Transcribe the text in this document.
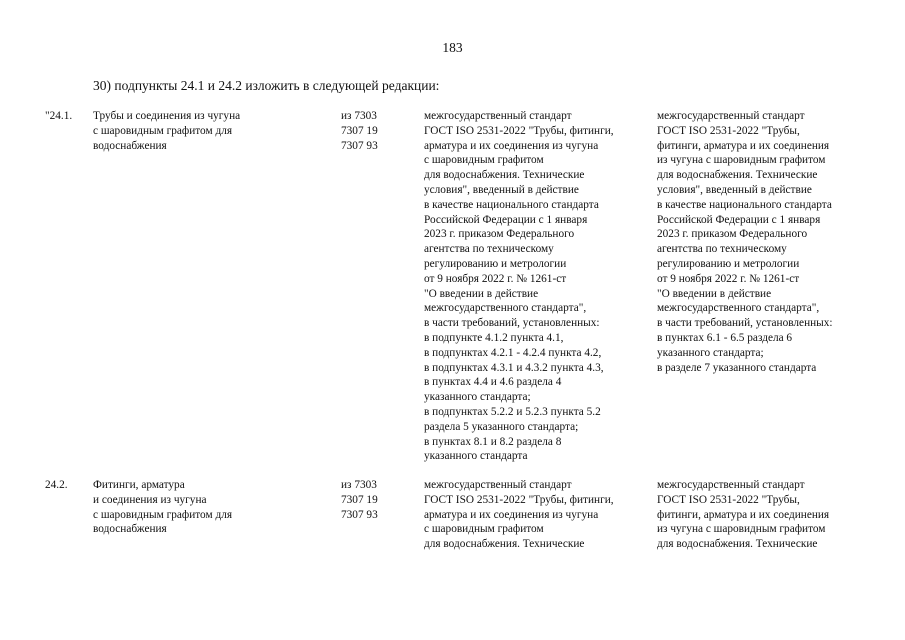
183
30) подпункты 24.1 и 24.2 изложить в следующей редакции:
"24.1. Трубы и соединения из чугуна
с шаровидным графитом для
водоснабжения
из 7303
7307 19
7307 93
межгосударственный стандарт
ГОСТ ISO 2531-2022 "Трубы, фитинги,
арматура и их соединения из чугуна
с шаровидным графитом
для водоснабжения. Технические
условия", введенный в действие
в качестве национального стандарта
Российской Федерации с 1 января
2023 г. приказом Федерального
агентства по техническому
регулированию и метрологии
от 9 ноября 2022 г. № 1261-ст
"О введении в действие
межгосударственного стандарта",
в части требований, установленных:
в подпункте 4.1.2 пункта 4.1,
в подпунктах 4.2.1 - 4.2.4 пункта 4.2,
в подпунктах 4.3.1 и 4.3.2 пункта 4.3,
в пунктах 4.4 и 4.6 раздела 4
указанного стандарта;
в подпунктах 5.2.2 и 5.2.3 пункта 5.2
раздела 5 указанного стандарта;
в пунктах 8.1 и 8.2 раздела 8
указанного стандарта
межгосударственный стандарт
ГОСТ ISO 2531-2022 "Трубы,
фитинги, арматура и их соединения
из чугуна с шаровидным графитом
для водоснабжения. Технические
условия", введенный в действие
в качестве национального стандарта
Российской Федерации с 1 января
2023 г. приказом Федерального
агентства по техническому
регулированию и метрологии
от 9 ноября 2022 г. № 1261-ст
"О введении в действие
межгосударственного стандарта",
в части требований, установленных:
в пунктах 6.1 - 6.5 раздела 6
указанного стандарта;
в разделе 7 указанного стандарта
24.2. Фитинги, арматура
и соединения из чугуна
с шаровидным графитом для
водоснабжения
из 7303
7307 19
7307 93
межгосударственный стандарт
ГОСТ ISO 2531-2022 "Трубы, фитинги,
арматура и их соединения из чугуна
с шаровидным графитом
для водоснабжения. Технические
межгосударственный стандарт
ГОСТ ISO 2531-2022 "Трубы,
фитинги, арматура и их соединения
из чугуна с шаровидным графитом
для водоснабжения. Технические
